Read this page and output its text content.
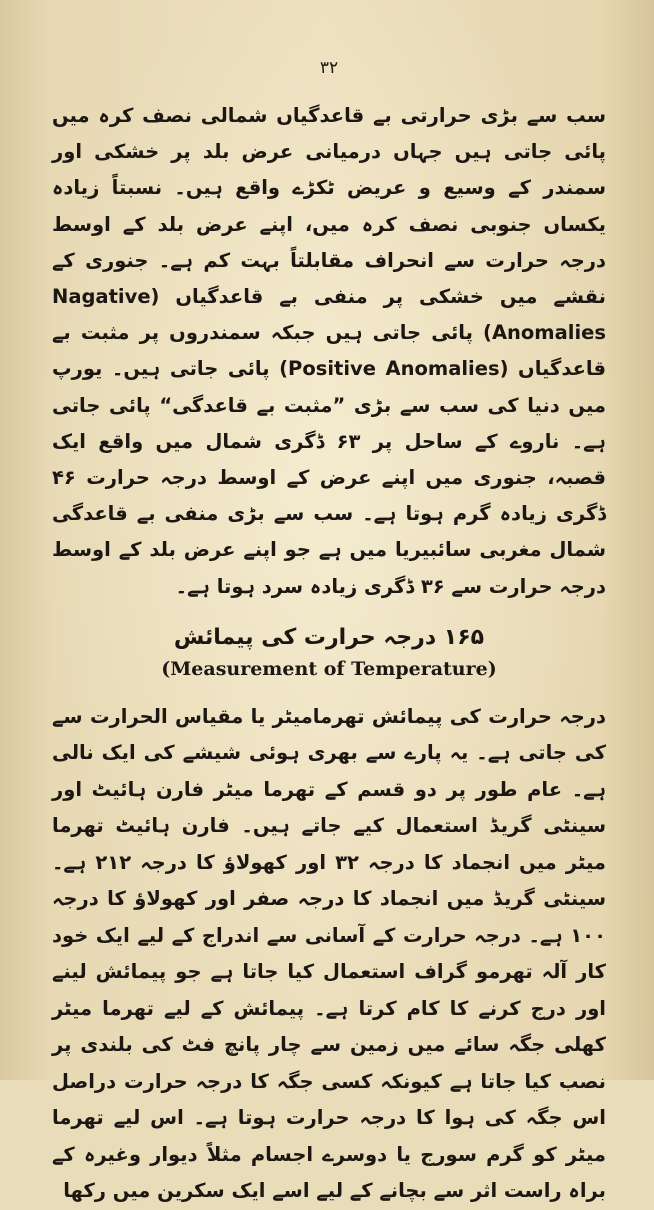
۳۲

سب سے بڑی حرارتی بے قاعدگیاں شمالی نصف کرہ میں پائی جاتی ہیں جہاں درمیانی عرض بلد پر خشکی اور سمندر کے وسیع و عریض ٹکڑے واقع ہیں۔ نسبتاً زیادہ یکساں جنوبی نصف کرہ میں، اپنے عرض بلد کے اوسط درجہ حرارت سے انحراف مقابلتاً بہت کم ہے۔ جنوری کے نقشے میں خشکی پر منفی بے قاعدگیاں (Nagative Anomalies) پائی جاتی ہیں جبکہ سمندروں پر مثبت بے قاعدگیاں (Positive Anomalies) پائی جاتی ہیں۔ یورپ میں دنیا کی سب سے بڑی ”مثبت بے قاعدگی“ پائی جاتی ہے۔ ناروے کے ساحل پر ۶۳ ڈگری شمال میں واقع ایک قصبہ، جنوری میں اپنے عرض کے اوسط درجہ حرارت ۴۶ ڈگری زیادہ گرم ہوتا ہے۔ سب سے بڑی منفی بے قاعدگی شمال مغربی سائبیریا میں ہے جو اپنے عرض بلد کے اوسط درجہ حرارت سے ۳۶ ڈگری زیادہ سرد ہوتا ہے۔

۱۶۵ درجہ حرارت کی پیمائش
(Measurement of Temperature)

درجہ حرارت کی پیمائش تھرمامیٹر یا مقیاس الحرارت سے کی جاتی ہے۔ یہ پارے سے بھری ہوئی شیشے کی ایک نالی ہے۔ عام طور پر دو قسم کے تھرما میٹر فارن ہائیٹ اور سینٹی گریڈ استعمال کیے جاتے ہیں۔ فارن ہائیٹ تھرما میٹر میں انجماد کا درجہ ۳۲ اور کھولاؤ کا درجہ ۲۱۲ ہے۔ سینٹی گریڈ میں انجماد کا درجہ صفر اور کھولاؤ کا درجہ ۱۰۰ ہے۔ درجہ حرارت کے آسانی سے اندراج کے لیے ایک خود کار آلہ تھرمو گراف استعمال کیا جاتا ہے جو پیمائش لینے اور درج کرنے کا کام کرتا ہے۔ پیمائش کے لیے تھرما میٹر کھلی جگہ سائے میں زمین سے چار پانچ فٹ کی بلندی پر نصب کیا جاتا ہے کیونکہ کسی جگہ کا درجہ حرارت دراصل اس جگہ کی ہوا کا درجہ حرارت ہوتا ہے۔ اس لیے تھرما میٹر کو گرم سورج یا دوسرے اجسام مثلاً دیوار وغیرہ کے براہ راست اثر سے بچانے کے لیے اسے ایک سکرین میں رکھا
